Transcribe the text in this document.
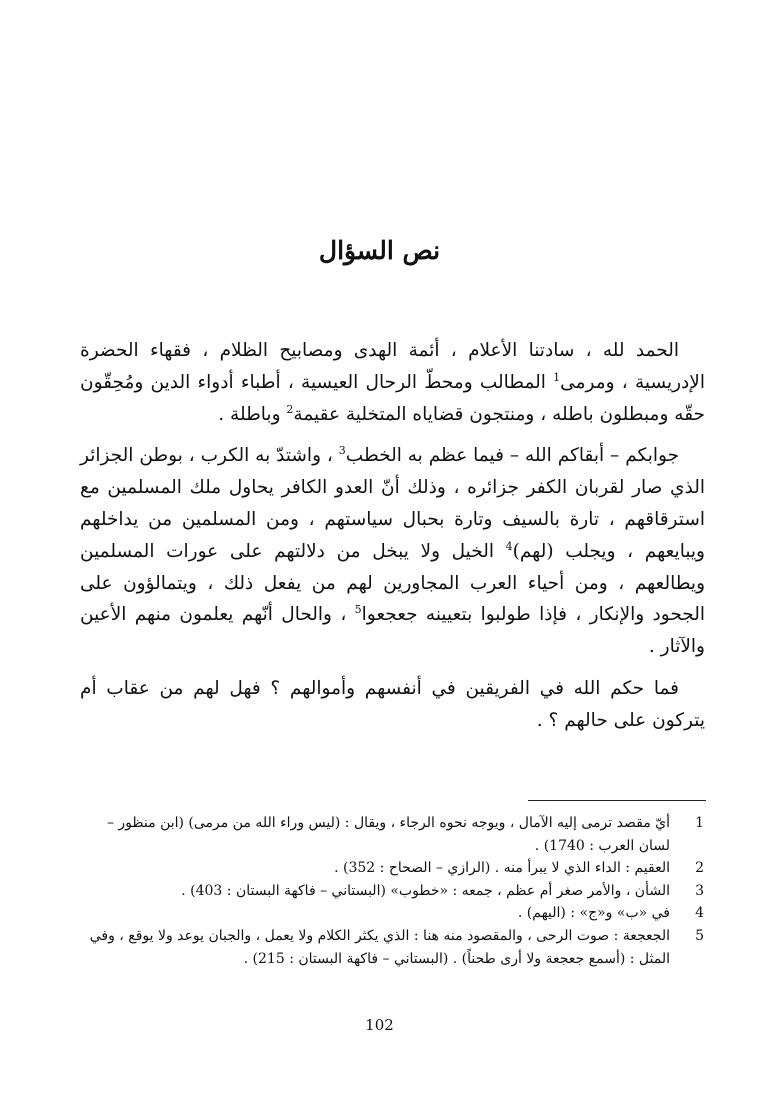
نص السؤال

الحمد لله ، سادتنا الأعلام ، أئمة الهدى ومصابيح الظلام ، فقهاء الحضرة الإدريسية ، ومرمى$^1$ المطالب ومحطّ الرحال العيسية ، أطباء أدواء الدين ومُحِقّون حقّه ومبطلون باطله ، ومنتجون قضاياه المتخلية عقيمة$^2$ وباطلة .

جوابكم – أبقاكم الله – فيما عظم به الخطب$^3$ ، واشتدّ به الكرب ، بوطن الجزائر الذي صار لقربان الكفر جزائره ، وذلك أنّ العدو الكافر يحاول ملك المسلمين مع استرقاقهم ، تارة بالسيف وتارة بحبال سياستهم ، ومن المسلمين من يداخلهم ويبايعهم ، ويجلب (لهم)$^4$ الخيل ولا يبخل من دلالتهم على عورات المسلمين ويطالعهم ، ومن أحياء العرب المجاورين لهم من يفعل ذلك ، ويتمالؤون على الجحود والإنكار ، فإذا طولبوا بتعيينه جعجعوا$^5$ ، والحال أنّهم يعلمون منهم الأعين والآثار .

فما حكم الله في الفريقين في أنفسهم وأموالهم ؟ فهل لهم من عقاب أم يتركون على حالهم ؟ .

1
أيّ مقصد ترمى إليه الآمال ، ويوجه نحوه الرجاء ، ويقال : (ليس وراء الله من مرمى) (ابن منظور – لسان العرب : 1740) .
2
العقيم : الداء الذي لا يبرأ منه . (الرازي – الصحاح : 352) .
3
الشأن ، والأمر صغر أم عظم ، جمعه : «خطوب» (البستاني – فاكهة البستان : 403) .
4
في «ب» و«ج» : (اليهم) .
5
الجعجعة : صوت الرحى ، والمقصود منه هنا : الذي يكثر الكلام ولا يعمل ، والجبان يوعد ولا يوقع ، وفي المثل : (أسمع جعجعة ولا أرى طحناً) . (البستاني – فاكهة البستان : 215) .
102
